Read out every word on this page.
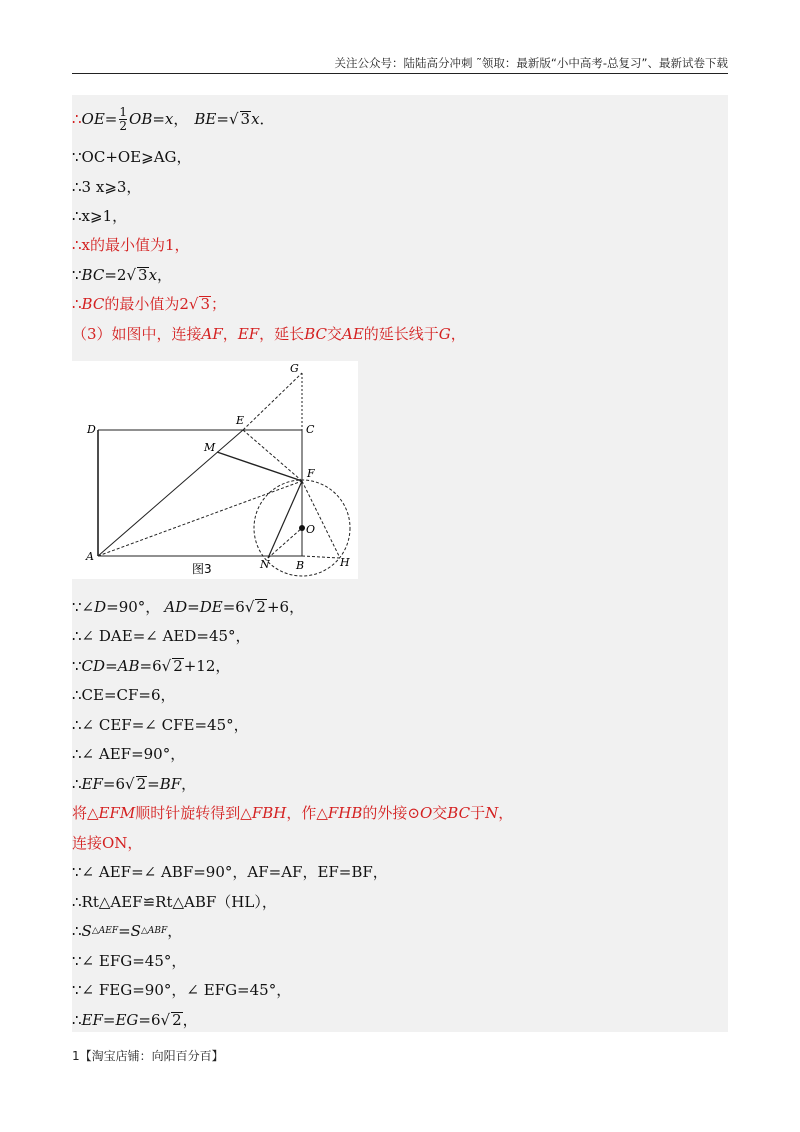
关注公众号：陆陆高分冲刺 ˜领取：最新版“小中高考-总复习”、最新试卷下载
∴ OE = $\frac{1}{2}$ OB = x ， BE = √ 3 x ．
∵OC+OE⩾AG，
∴3 x⩾3，
∴x⩾1，
∴x的最小值为1，
∵ BC =2 √ 3 x ，
∴ BC 的最小值为2 √ 3 ；
（3）如图中，连接 AF ， EF ，延长 BC 交 AE 的延长线于 G ，
G
E
C
D
M
F
O
A
N B	H
图3
∵∠ D =90°， AD = DE =6 √ 2 +6，
∴∠ DAE=∠ AED=45°，
∵ CD = AB =6 √ 2 +12，
∴CE=CF=6，
∴∠ CEF=∠ CFE=45°，
∴∠ AEF=90°，
∴ EF =6 √ 2 = BF ，
将△ EFM 顺时针旋转得到△ FBH ，作△ FHB 的外接⊙ O 交 BC 于 N ，
连接ON，
∵∠ AEF=∠ ABF=90°，AF=AF，EF=BF，
∴Rt△AEF≌Rt△ABF（HL），
∴ S △AEF = S △ABF ，
∵∠ EFG=45°，
∵∠ FEG=90°，∠ EFG=45°，
∴ EF = EG =6 √ 2 ，
1【淘宝店铺：向阳百分百】
